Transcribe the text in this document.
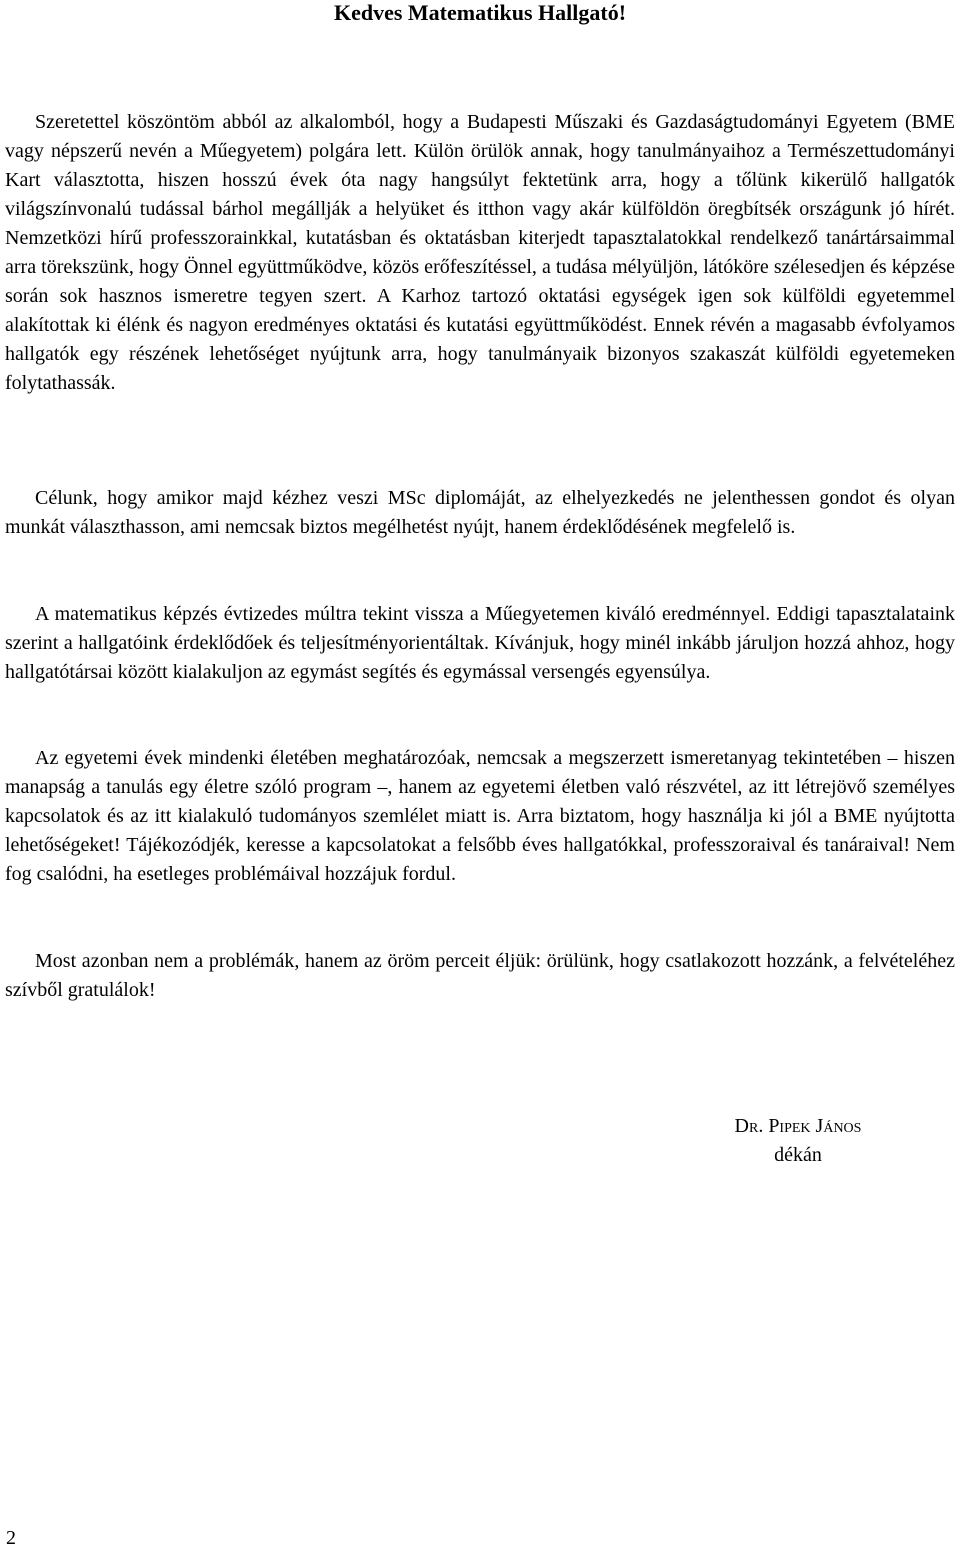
Kedves Matematikus Hallgató!

Szeretettel köszöntöm abból az alkalomból, hogy a Budapesti Műszaki és Gazdaságtudományi Egyetem (BME vagy népszerű nevén a Műegyetem) polgára lett. Külön örülök annak, hogy tanulmányaihoz a Természettudományi Kart választotta, hiszen hosszú évek óta nagy hangsúlyt fektetünk arra, hogy a tőlünk kikerülő hallgatók világszínvonalú tudással bárhol megállják a helyüket és itthon vagy akár külföldön öregbítsék országunk jó hírét. Nemzetközi hírű professzorainkkal, kutatásban és oktatásban kiterjedt tapasztalatokkal rendelkező tanártársaimmal arra törekszünk, hogy Önnel együttműködve, közös erőfeszítéssel, a tudása mélyüljön, látóköre szélesedjen és képzése során sok hasznos ismeretre tegyen szert. A Karhoz tartozó oktatási egységek igen sok külföldi egyetemmel alakítottak ki élénk és nagyon eredményes oktatási és kutatási együttműködést. Ennek révén a magasabb évfolyamos hallgatók egy részének lehetőséget nyújtunk arra, hogy tanulmányaik bizonyos szakaszát külföldi egyetemeken folytathassák.

Célunk, hogy amikor majd kézhez veszi MSc diplomáját, az elhelyezkedés ne jelenthessen gondot és olyan munkát választhasson, ami nemcsak biztos megélhetést nyújt, hanem érdeklődésének megfelelő is.

A matematikus képzés évtizedes múltra tekint vissza a Műegyetemen kiváló eredménnyel. Eddigi tapasztalataink szerint a hallgatóink érdeklődőek és teljesítményorientáltak. Kívánjuk, hogy minél inkább járuljon hozzá ahhoz, hogy hallgatótársai között kialakuljon az egymást segítés és egymással versengés egyensúlya.

Az egyetemi évek mindenki életében meghatározóak, nemcsak a megszerzett ismeretanyag tekintetében – hiszen manapság a tanulás egy életre szóló program –, hanem az egyetemi életben való részvétel, az itt létrejövő személyes kapcsolatok és az itt kialakuló tudományos szemlélet miatt is. Arra biztatom, hogy használja ki jól a BME nyújtotta lehetőségeket! Tájékozódjék, keresse a kapcsolatokat a felsőbb éves hallgatókkal, professzoraival és tanáraival! Nem fog csalódni, ha esetleges problémáival hozzájuk fordul.

Most azonban nem a problémák, hanem az öröm perceit éljük: örülünk, hogy csatlakozott hozzánk, a felvételéhez szívből gratulálok!

Dr. Pipek János
dékán
2
